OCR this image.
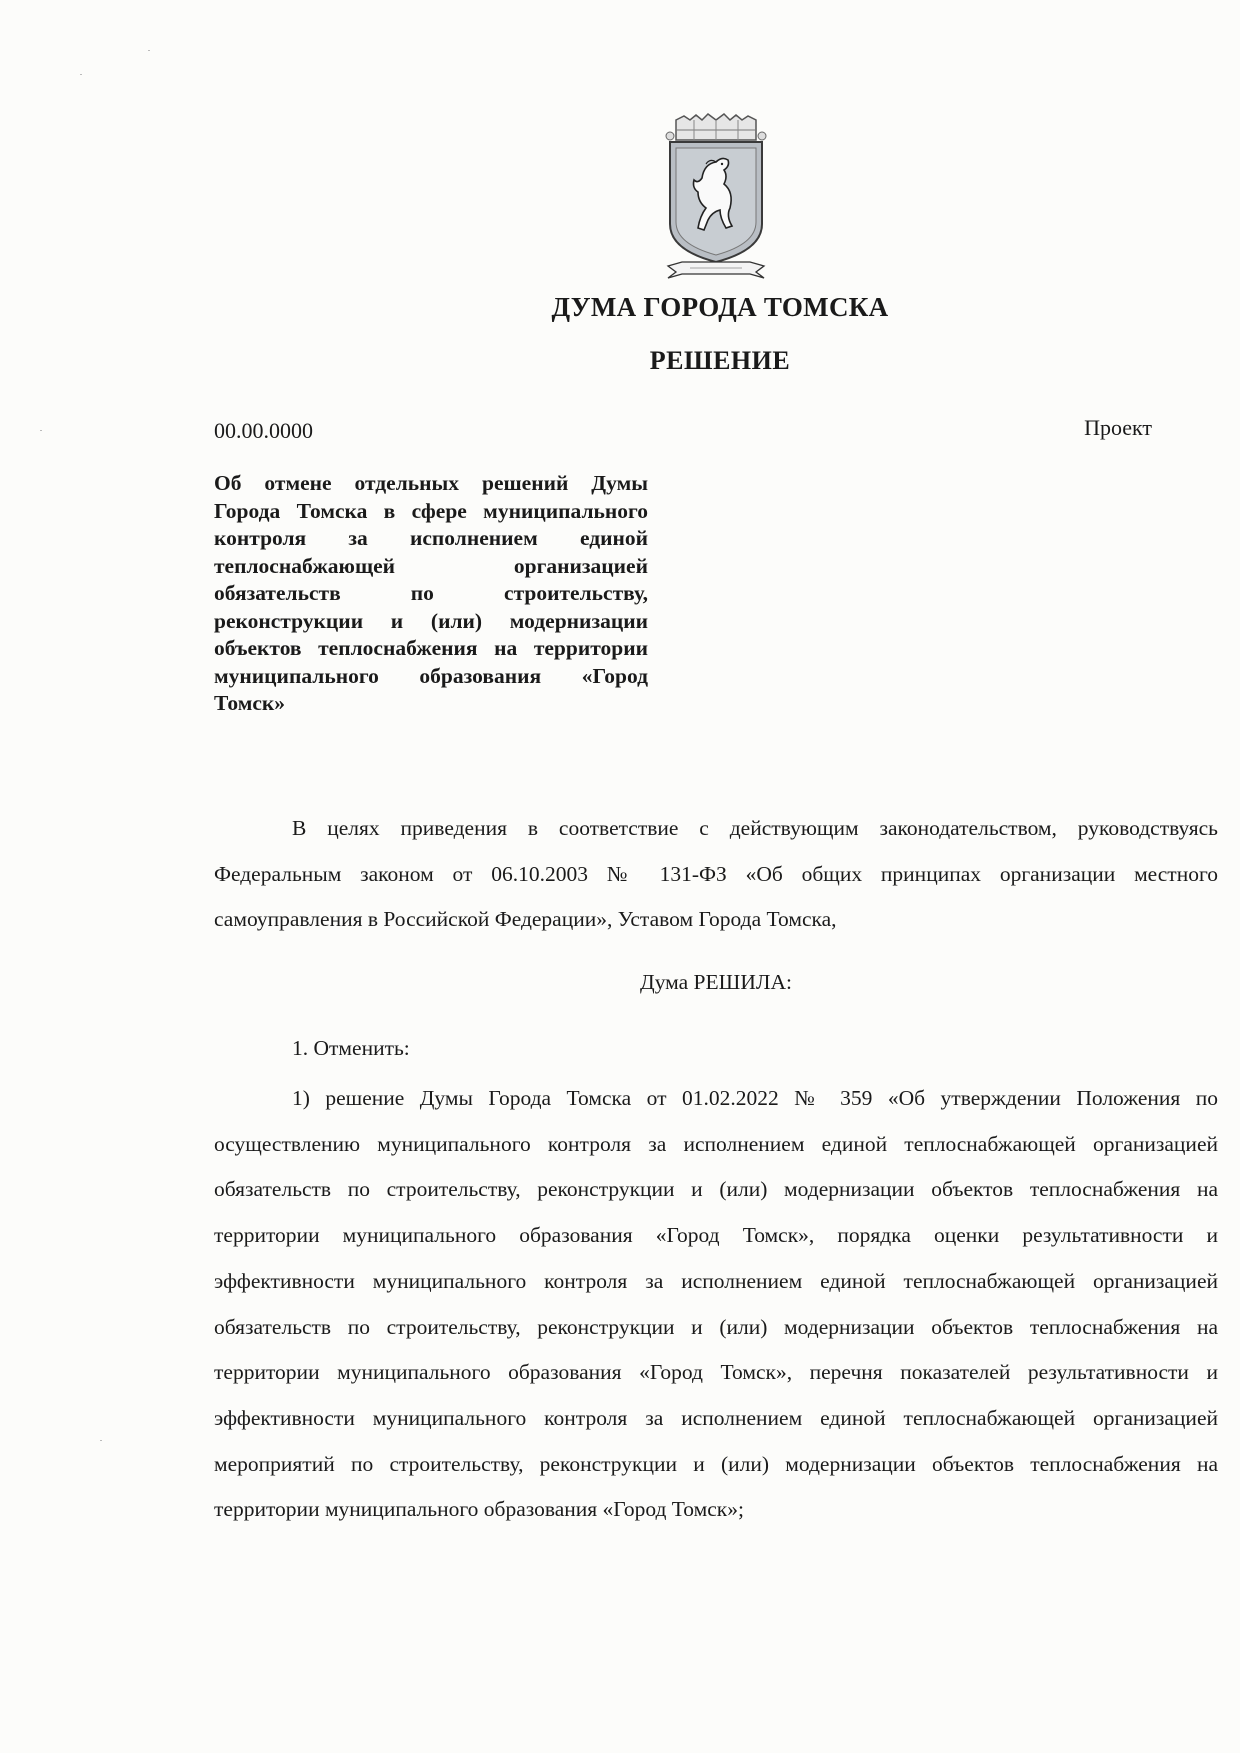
ДУМА ГОРОДА ТОМСКА
РЕШЕНИЕ
00.00.0000	Проект
Об отмене отдельных решений Думы Города Томска в сфере муниципального контроля за исполнением единой теплоснабжающей организацией обязательств по строительству, реконструкции и (или) модернизации объектов теплоснабжения на территории муниципального образования «Город Томск»
В целях приведения в соответствие с действующим законодательством, руководствуясь Федеральным законом от 06.10.2003 № 131-ФЗ «Об общих принципах организации местного самоуправления в Российской Федерации», Уставом Города Томска,
Дума РЕШИЛА:
1. Отменить:
1) решение Думы Города Томска от 01.02.2022 № 359 «Об утверждении Положения по осуществлению муниципального контроля за исполнением единой теплоснабжающей организацией обязательств по строительству, реконструкции и (или) модернизации объектов теплоснабжения на территории муниципального образования «Город Томск», порядка оценки результативности и эффективности муниципального контроля за исполнением единой теплоснабжающей организацией обязательств по строительству, реконструкции и (или) модернизации объектов теплоснабжения на территории муниципального образования «Город Томск», перечня показателей результативности и эффективности муниципального контроля за исполнением единой теплоснабжающей организацией мероприятий по строительству, реконструкции и (или) модернизации объектов теплоснабжения на территории муниципального образования «Город Томск»;
